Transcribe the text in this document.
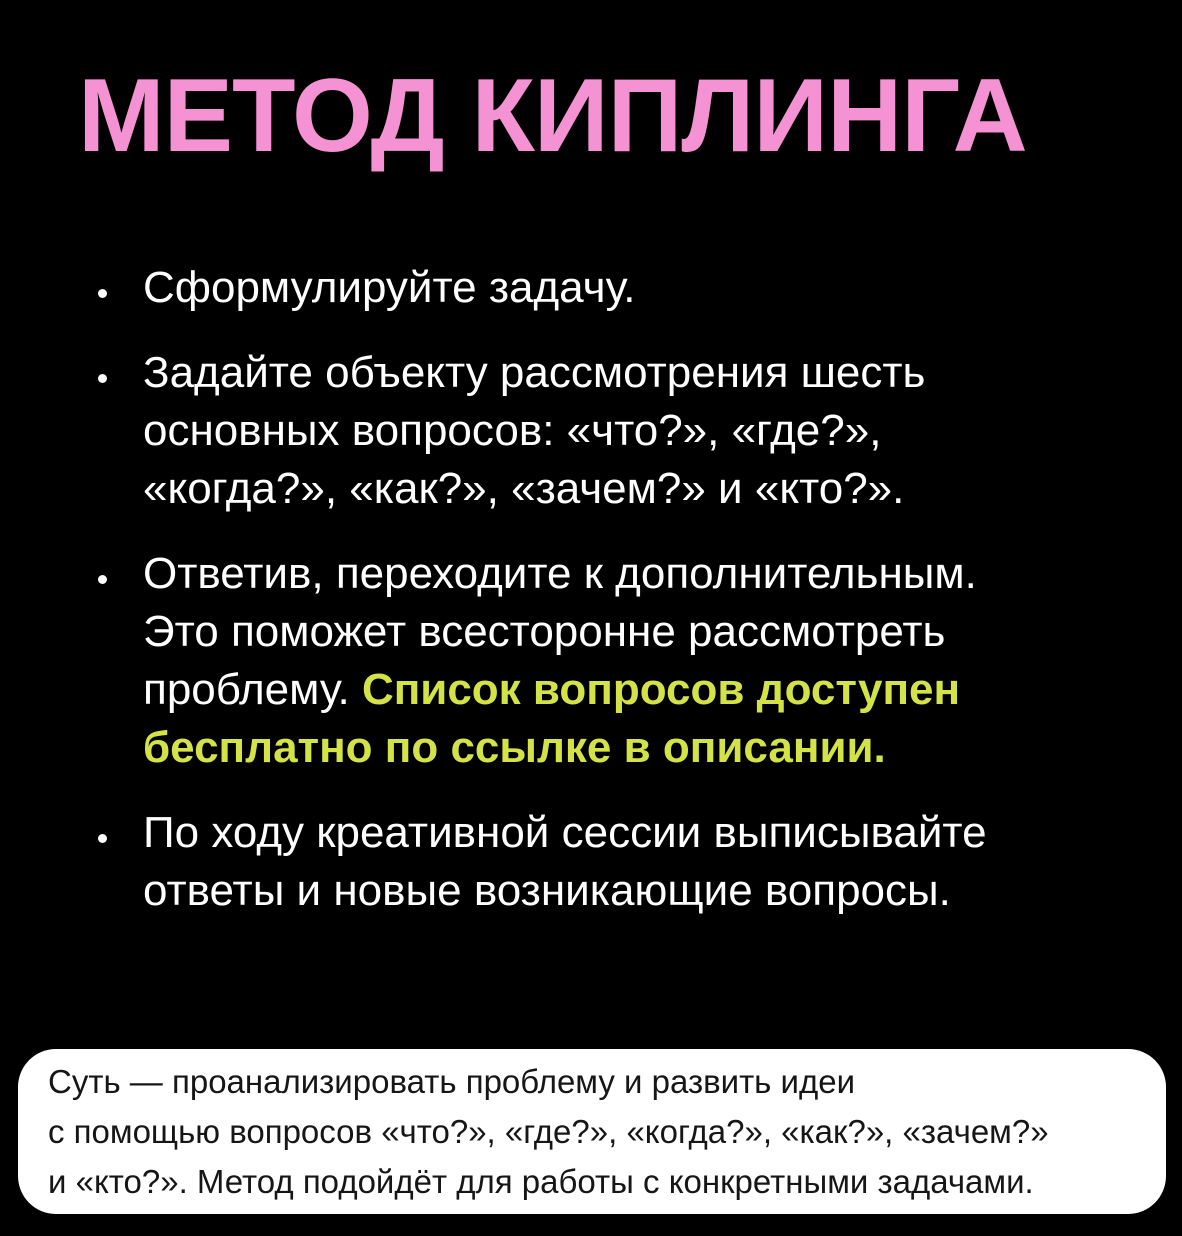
МЕТОД КИПЛИНГА
Сформулируйте задачу.
Задайте объекту рассмотрения шесть
основных вопросов: «что?», «где?»,
«когда?», «как?», «зачем?» и «кто?».
Ответив, переходите к дополнительным.
Это поможет всесторонне рассмотреть
проблему. Список вопросов доступен
бесплатно по ссылке в описании.
По ходу креативной сессии выписывайте
ответы и новые возникающие вопросы.
Суть — проанализировать проблему и развить идеи
с помощью вопросов «что?», «где?», «когда?», «как?», «зачем?»
и «кто?». Метод подойдёт для работы с конкретными задачами.
